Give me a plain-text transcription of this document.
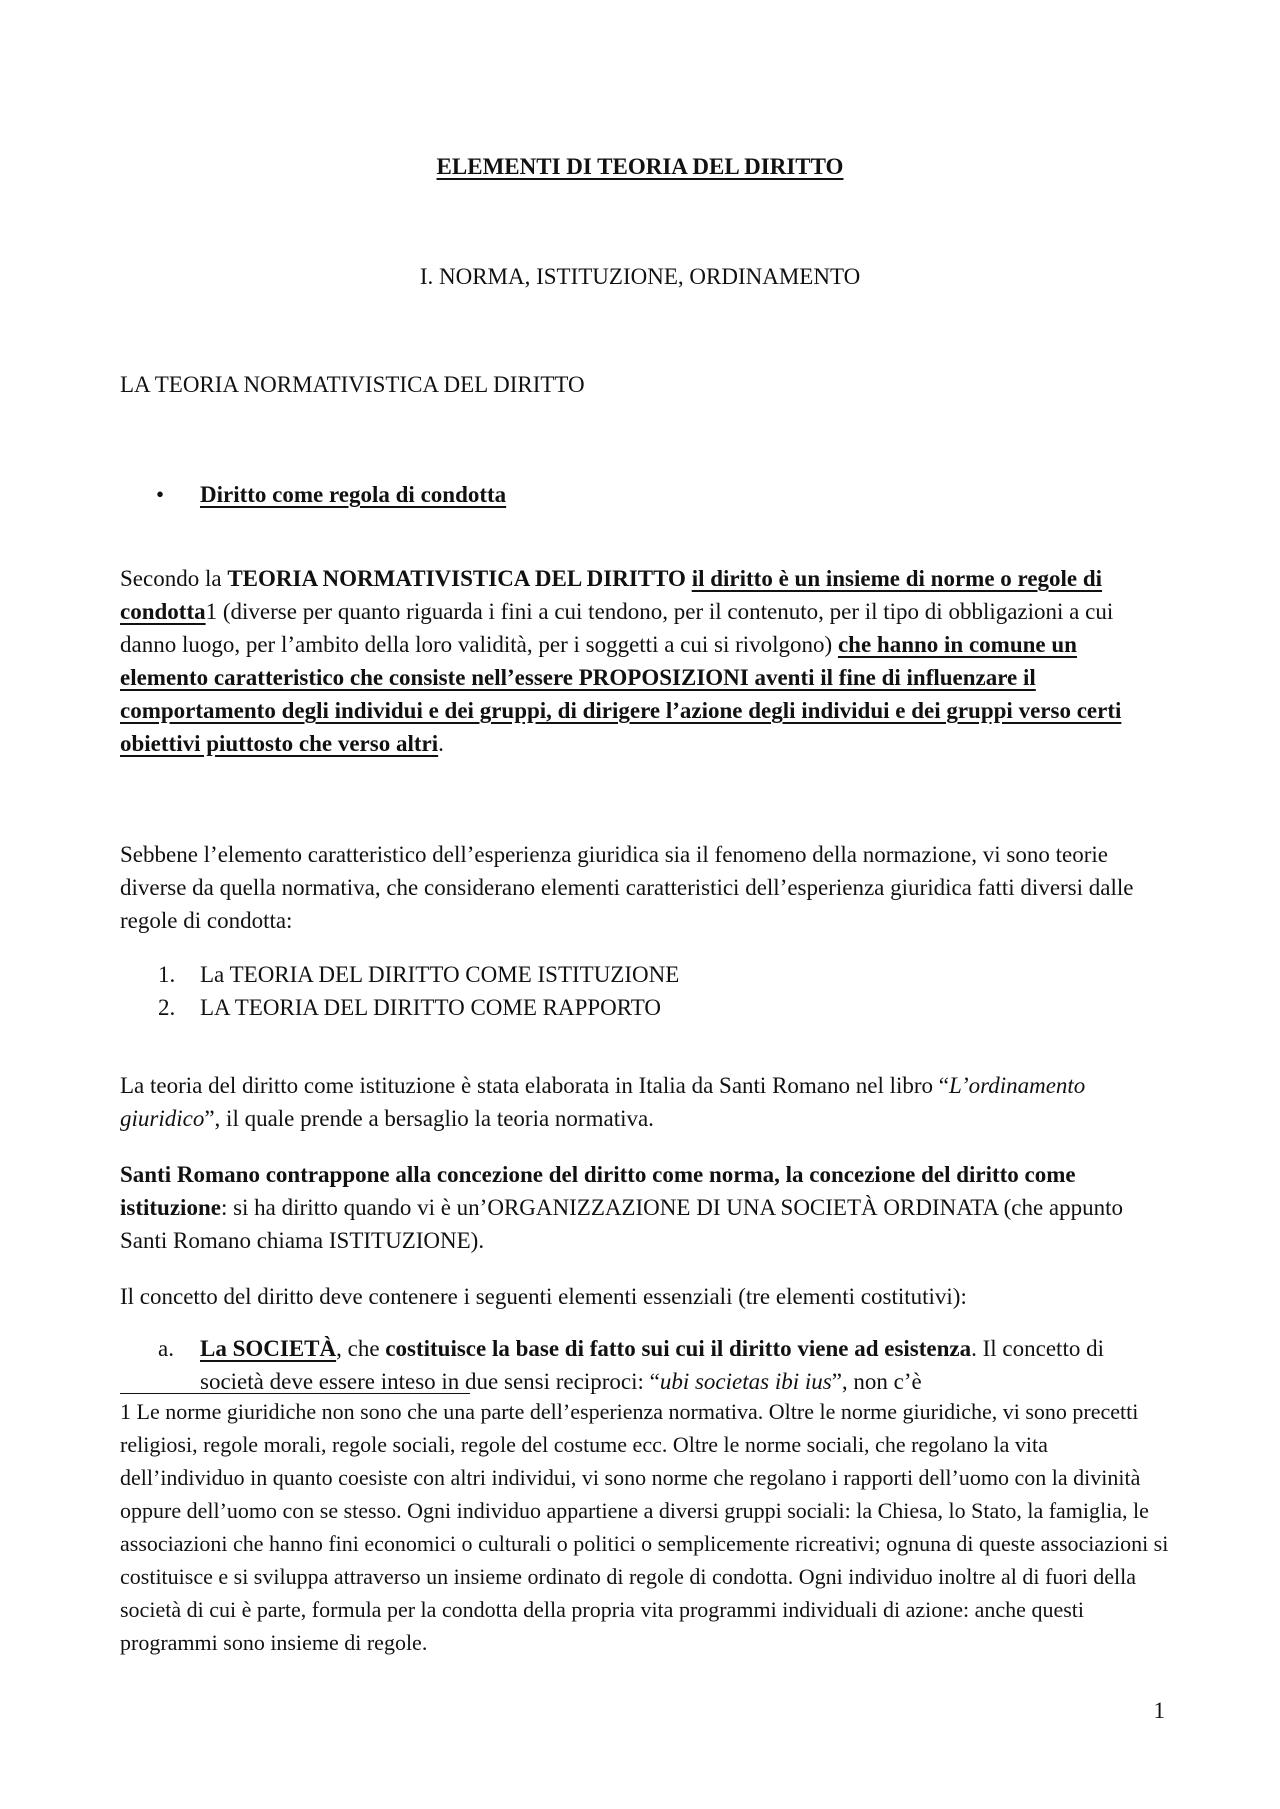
ELEMENTI DI TEORIA DEL DIRITTO
I. NORMA, ISTITUZIONE, ORDINAMENTO
LA TEORIA NORMATIVISTICA DEL DIRITTO
• Diritto come regola di condotta

Secondo la TEORIA NORMATIVISTICA DEL DIRITTO il diritto è un insieme di norme o regole di condotta1 (diverse per quanto riguarda i fini a cui tendono, per il contenuto, per il tipo di obbligazioni a cui danno luogo, per l’ambito della loro validità, per i soggetti a cui si rivolgono) che hanno in comune un elemento caratteristico che consiste nell’essere PROPOSIZIONI aventi il fine di influenzare il comportamento degli individui e dei gruppi, di dirigere l’azione degli individui e dei gruppi verso certi obiettivi piuttosto che verso altri.

Sebbene l’elemento caratteristico dell’esperienza giuridica sia il fenomeno della normazione, vi sono teorie diverse da quella normativa, che considerano elementi caratteristici dell’esperienza giuridica fatti diversi dalle regole di condotta:

1.	La TEORIA DEL DIRITTO COME ISTITUZIONE
2.	LA TEORIA DEL DIRITTO COME RAPPORTO

La teoria del diritto come istituzione è stata elaborata in Italia da Santi Romano nel libro “L’ordinamento giuridico”, il quale prende a bersaglio la teoria normativa.

Santi Romano contrappone alla concezione del diritto come norma, la concezione del diritto come istituzione: si ha diritto quando vi è un’ORGANIZZAZIONE DI UNA SOCIETÀ ORDINATA (che appunto Santi Romano chiama ISTITUZIONE).

Il concetto del diritto deve contenere i seguenti elementi essenziali (tre elementi costitutivi):

a.	La SOCIETÀ, che costituisce la base di fatto sui cui il diritto viene ad esistenza. Il concetto di società deve essere inteso in due sensi reciproci: “ubi societas ibi ius”, non c’è

1 Le norme giuridiche non sono che una parte dell’esperienza normativa. Oltre le norme giuridiche, vi sono precetti religiosi, regole morali, regole sociali, regole del costume ecc. Oltre le norme sociali, che regolano la vita dell’individuo in quanto coesiste con altri individui, vi sono norme che regolano i rapporti dell’uomo con la divinità oppure dell’uomo con se stesso. Ogni individuo appartiene a diversi gruppi sociali: la Chiesa, lo Stato, la famiglia, le associazioni che hanno fini economici o culturali o politici o semplicemente ricreativi; ognuna di queste associazioni si costituisce e si sviluppa attraverso un insieme ordinato di regole di condotta. Ogni individuo inoltre al di fuori della società di cui è parte, formula per la condotta della propria vita programmi individuali di azione: anche questi programmi sono insieme di regole.

1
